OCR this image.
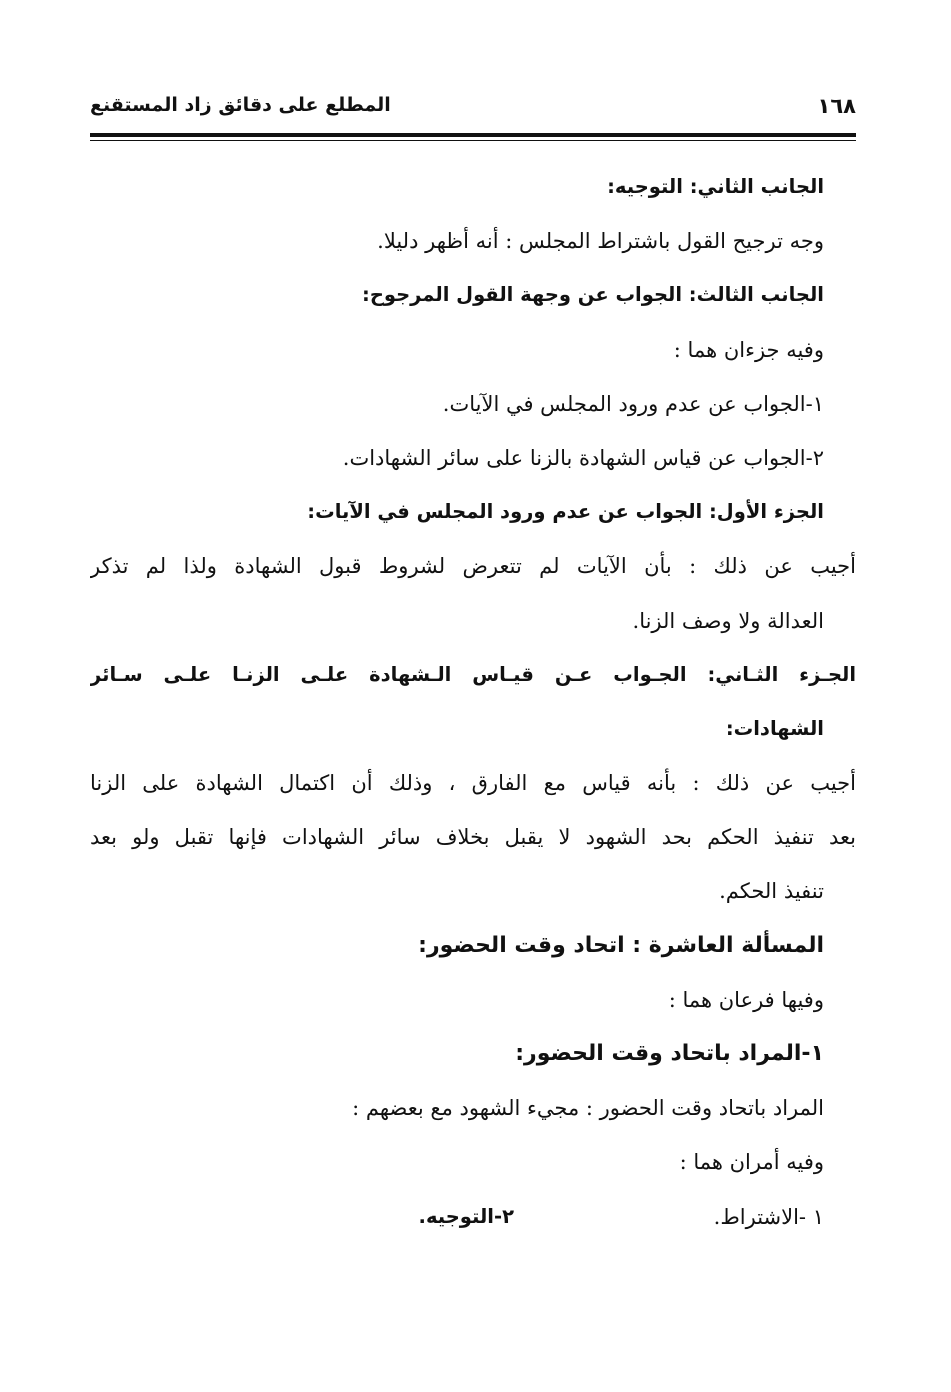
١٦٨
المطلع على دقائق زاد المستقنع
الجانب الثاني: التوجيه:
وجه ترجيح القول باشتراط المجلس : أنه أظهر دليلا.
الجانب الثالث: الجواب عن وجهة القول المرجوح:
وفيه جزءان هما :
١-الجواب عن عدم ورود المجلس في الآيات.
٢-الجواب عن قياس الشهادة بالزنا على سائر الشهادات.
الجزء الأول: الجواب عن عدم ورود المجلس في الآيات:
أجيب عن ذلك : بأن الآيات لم تتعرض لشروط قبول الشهادة ولذا لم تذكر
العدالة ولا وصف الزنا.
الجـزء الثـاني: الجـواب عـن قيـاس الـشهادة علـى الزنـا علـى سـائر
الشهادات:
أجيب عن ذلك : بأنه قياس مع الفارق ، وذلك أن اكتمال الشهادة على الزنا
بعد تنفيذ الحكم بحد الشهود لا يقبل بخلاف سائر الشهادات فإنها تقبل ولو بعد
تنفيذ الحكم.
المسألة العاشرة : اتحاد وقت الحضور:
وفيها فرعان هما :
١-المراد باتحاد وقت الحضور:
المراد باتحاد وقت الحضور : مجيء الشهود مع بعضهم :
وفيه أمران هما :
١ -الاشتراط.
٢-التوجيه.
